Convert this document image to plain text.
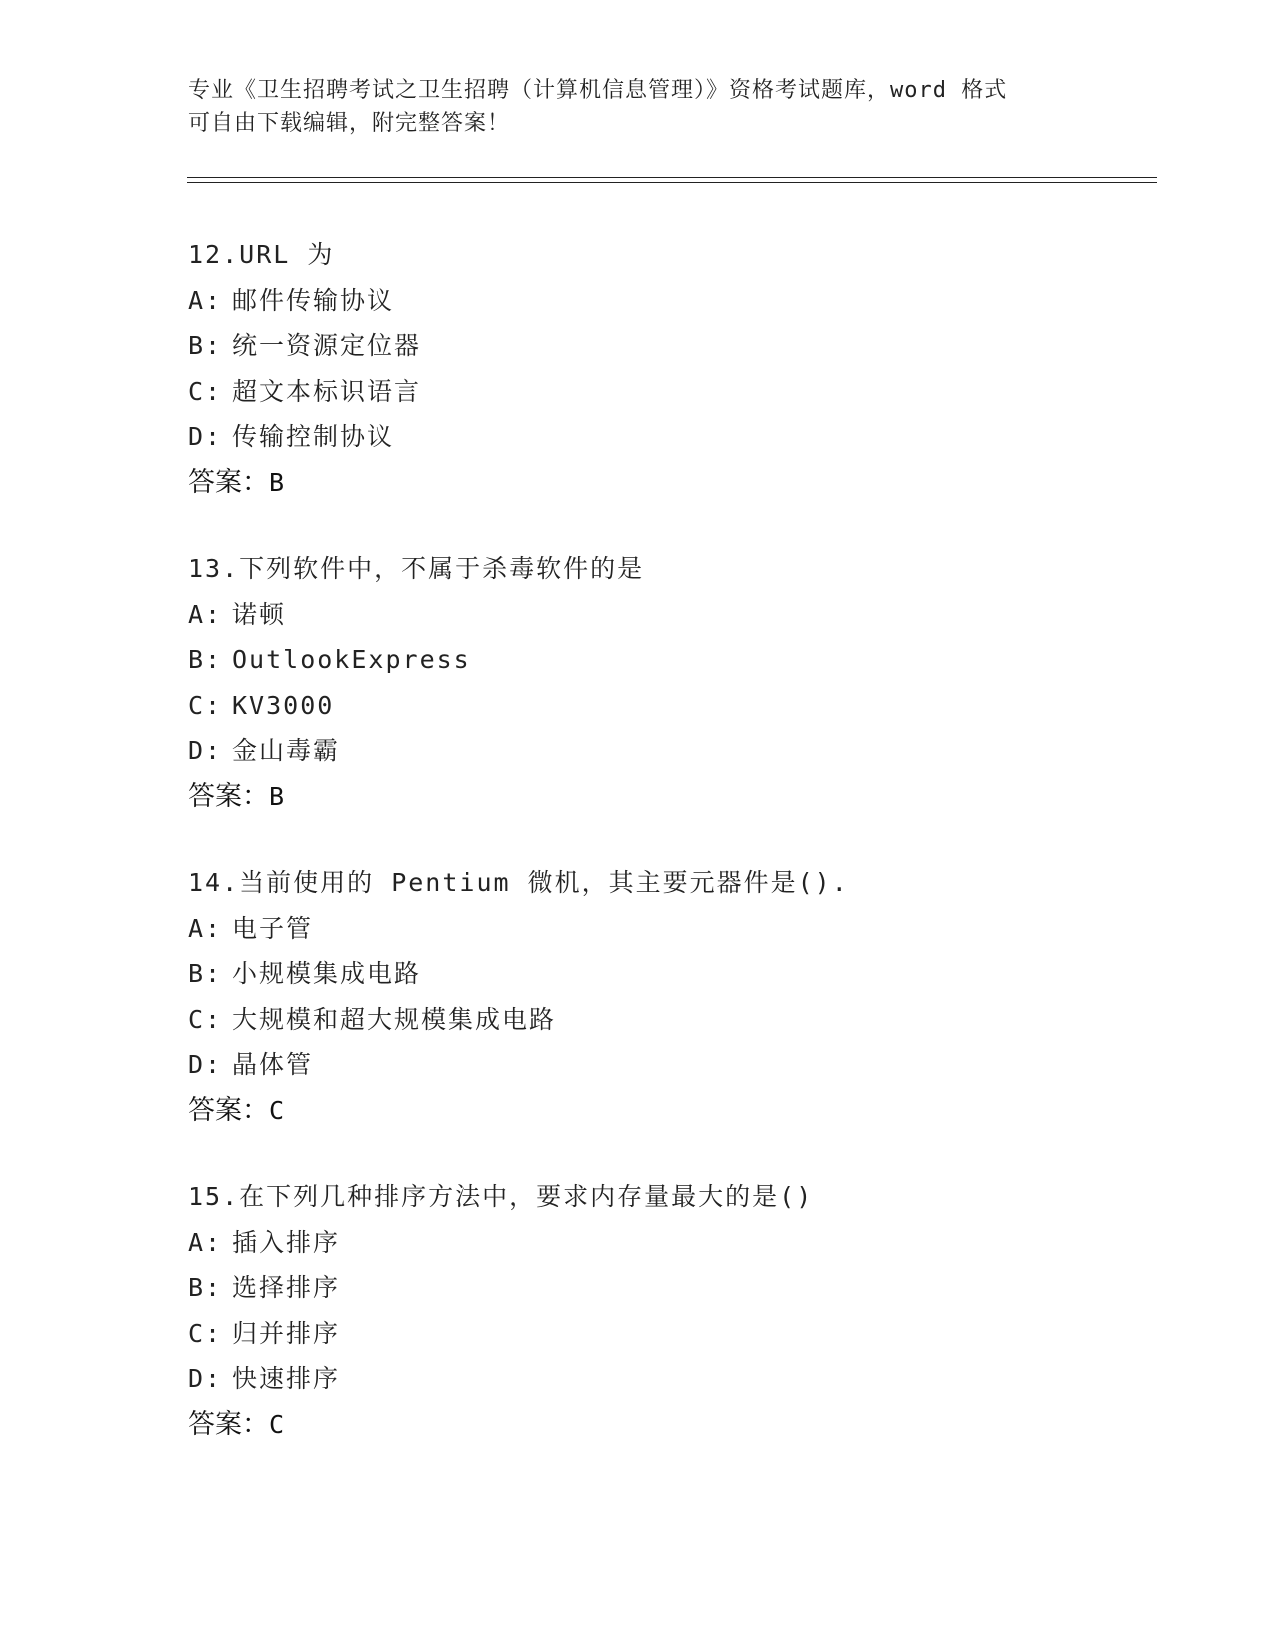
专业《卫生招聘考试之卫生招聘（计算机信息管理）》资格考试题库，word 格式
可自由下载编辑，附完整答案！
12.URL 为
A: 邮件传输协议
B: 统一资源定位器
C: 超文本标识语言
D: 传输控制协议
答案：B
13.下列软件中，不属于杀毒软件的是
A: 诺顿
B: OutlookExpress
C: KV3000
D: 金山毒霸
答案：B
14.当前使用的 Pentium 微机，其主要元器件是().
A: 电子管
B: 小规模集成电路
C: 大规模和超大规模集成电路
D: 晶体管
答案：C
15.在下列几种排序方法中，要求内存量最大的是()
A: 插入排序
B: 选择排序
C: 归并排序
D: 快速排序
答案：C
